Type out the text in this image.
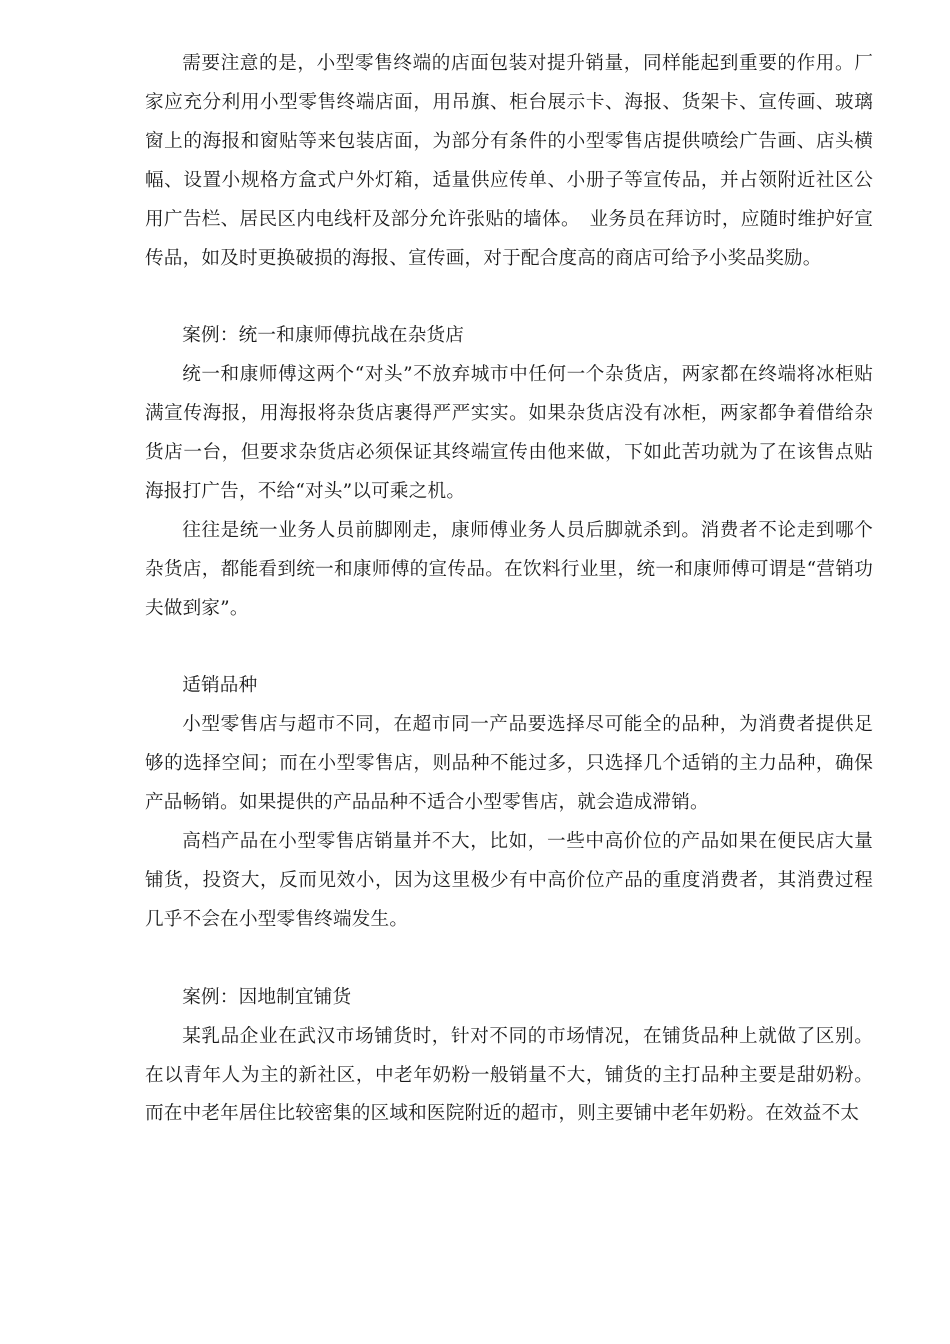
需要注意的是，小型零售终端的店面包装对提升销量，同样能起到重要的作用。厂家应充分利用小型零售终端店面，用吊旗、柜台展示卡、海报、货架卡、宣传画、玻璃窗上的海报和窗贴等来包装店面，为部分有条件的小型零售店提供喷绘广告画、店头横幅、设置小规格方盒式户外灯箱，适量供应传单、小册子等宣传品，并占领附近社区公用广告栏、居民区内电线杆及部分允许张贴的墙体。　业务员在拜访时，应随时维护好宣传品，如及时更换破损的海报、宣传画，对于配合度高的商店可给予小奖品奖励。

案例：统一和康师傅抗战在杂货店

统一和康师傅这两个“对头”不放弃城市中任何一个杂货店，两家都在终端将冰柜贴满宣传海报，用海报将杂货店裹得严严实实。如果杂货店没有冰柜，两家都争着借给杂货店一台，但要求杂货店必须保证其终端宣传由他来做，下如此苦功就为了在该售点贴海报打广告，不给“对头”以可乘之机。

往往是统一业务人员前脚刚走，康师傅业务人员后脚就杀到。消费者不论走到哪个杂货店，都能看到统一和康师傅的宣传品。在饮料行业里，统一和康师傅可谓是“营销功夫做到家”。

适销品种

小型零售店与超市不同，在超市同一产品要选择尽可能全的品种，为消费者提供足够的选择空间；而在小型零售店，则品种不能过多，只选择几个适销的主力品种，确保产品畅销。如果提供的产品品种不适合小型零售店，就会造成滞销。

高档产品在小型零售店销量并不大，比如，一些中高价位的产品如果在便民店大量铺货，投资大，反而见效小，因为这里极少有中高价位产品的重度消费者，其消费过程几乎不会在小型零售终端发生。

案例：因地制宜铺货

某乳品企业在武汉市场铺货时，针对不同的市场情况，在铺货品种上就做了区别。在以青年人为主的新社区，中老年奶粉一般销量不大，铺货的主打品种主要是甜奶粉。而在中老年居住比较密集的区域和医院附近的超市，则主要铺中老年奶粉。在效益不太
